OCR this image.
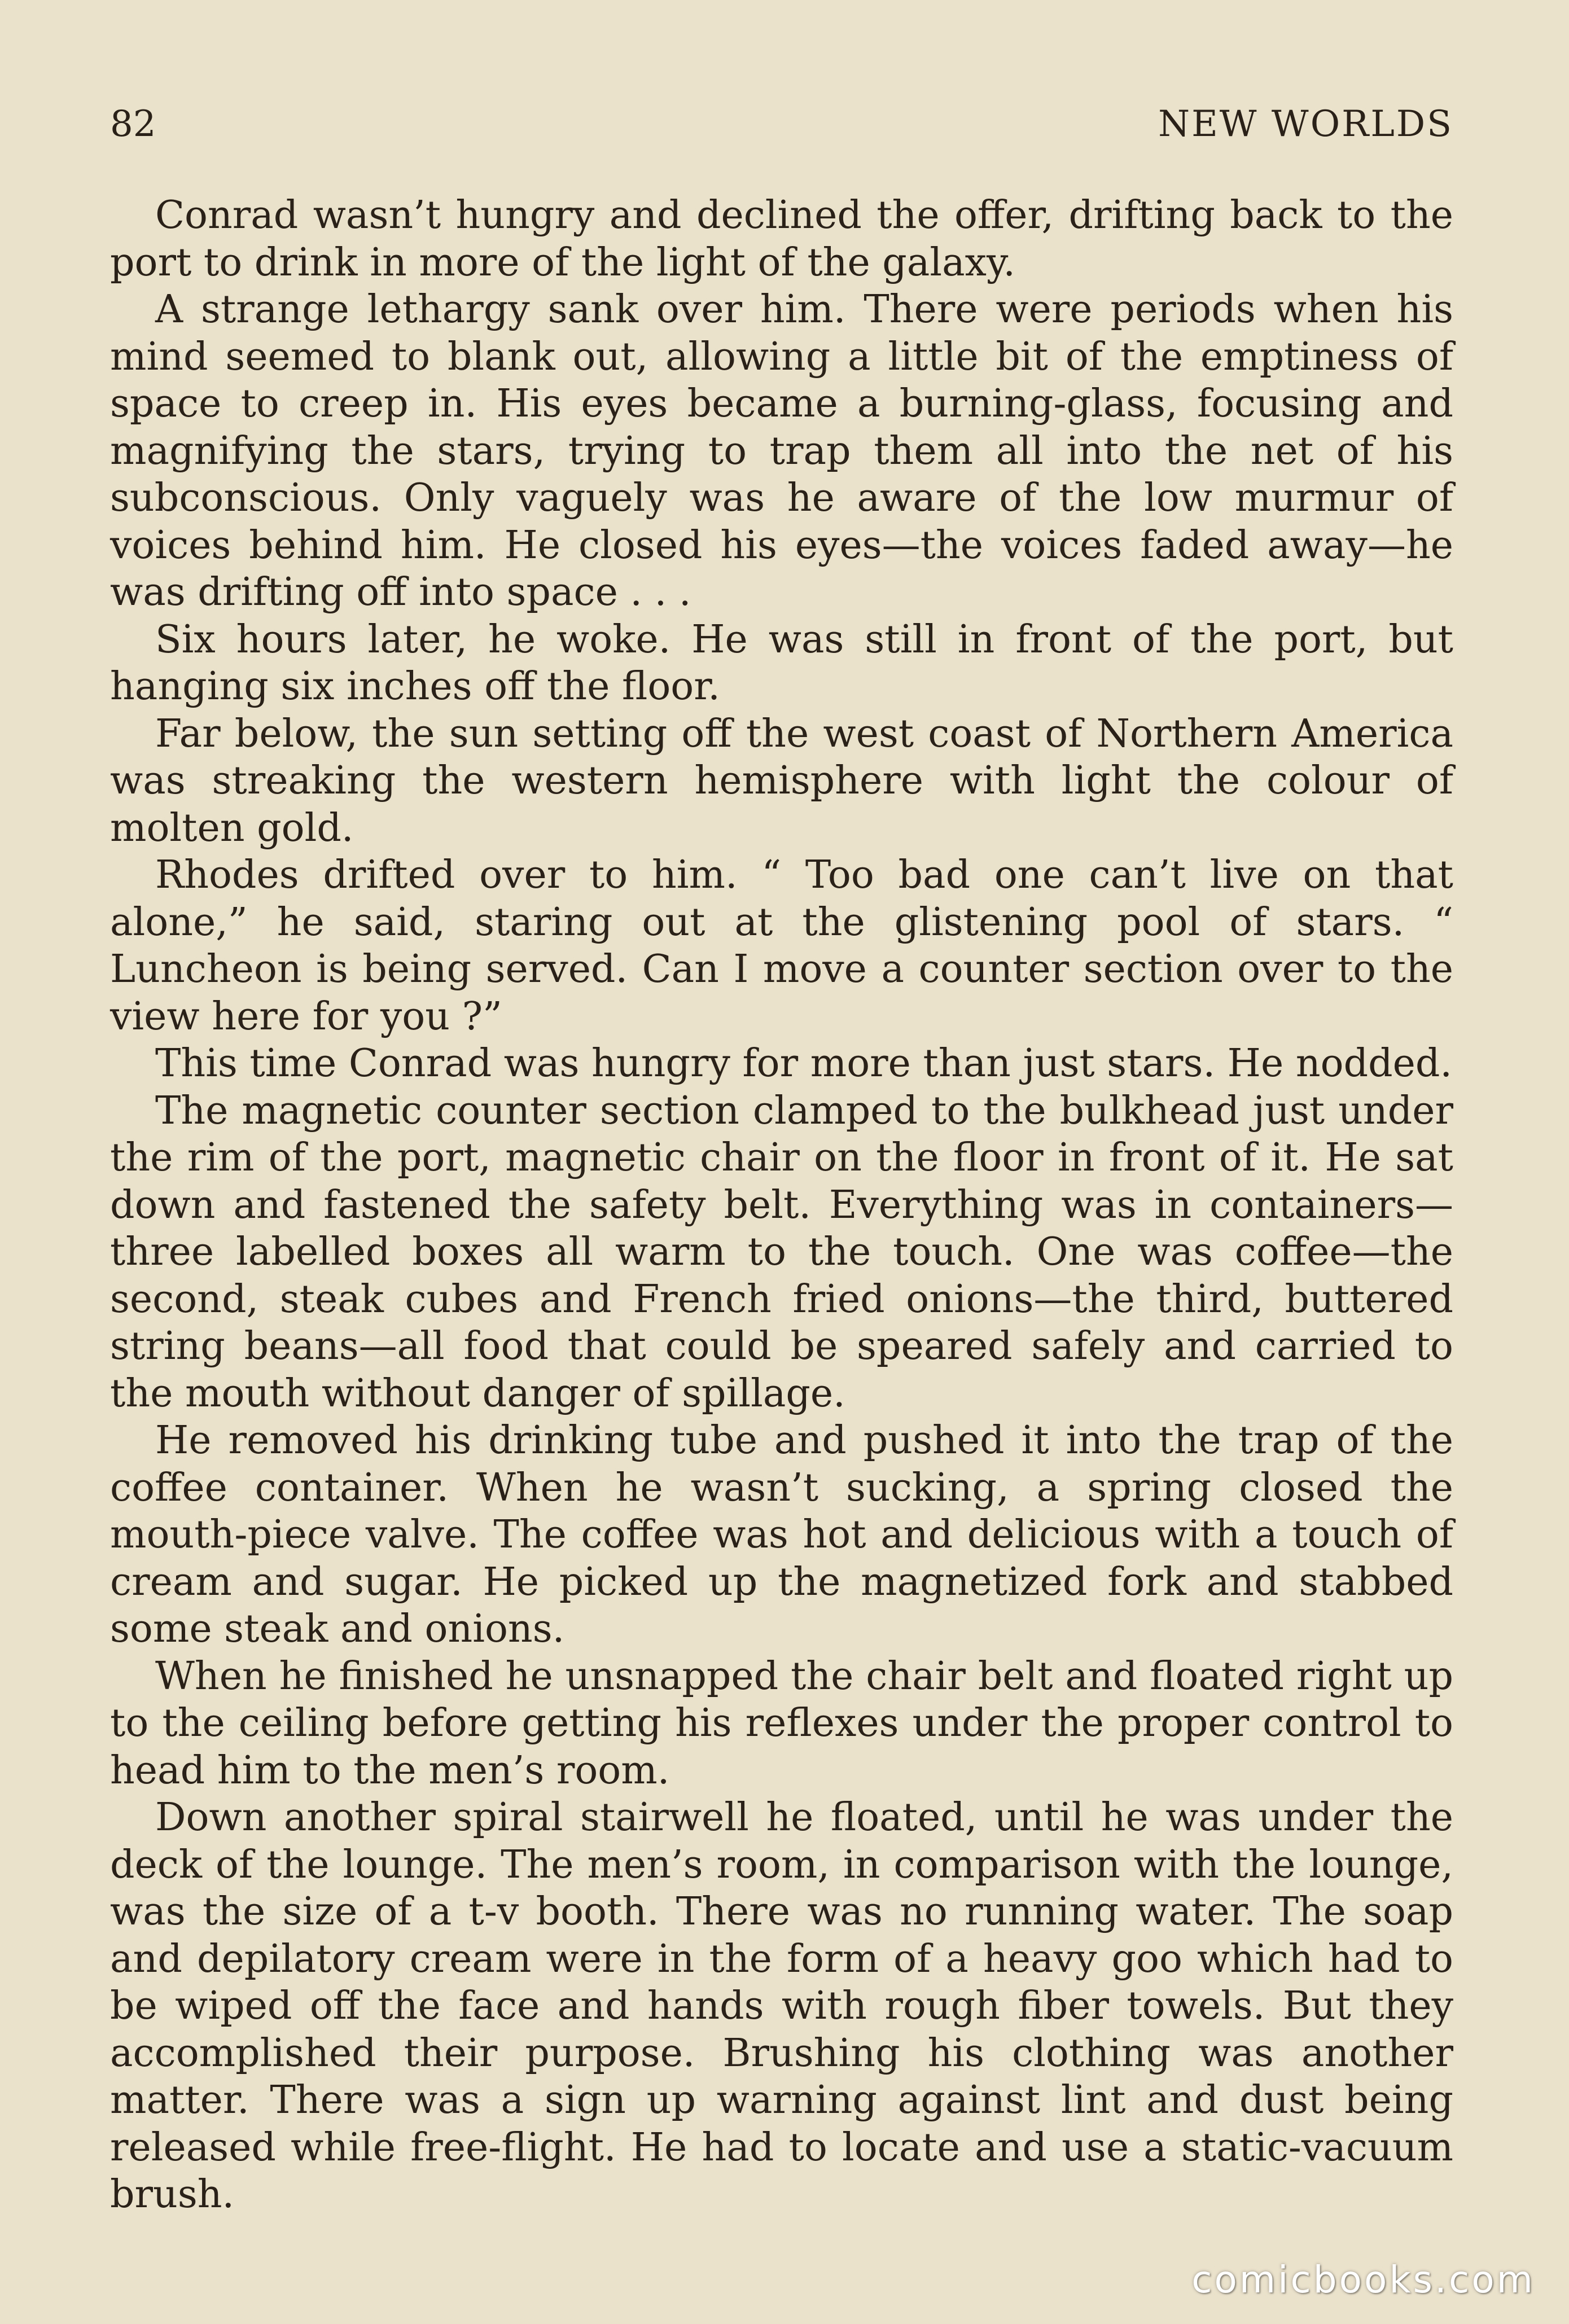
82	NEW WORLDS

Conrad wasn’t hungry and declined the offer, drifting back to the port to drink in more of the light of the galaxy.

A strange lethargy sank over him. There were periods when his mind seemed to blank out, allowing a little bit of the emptiness of space to creep in. His eyes became a burning-glass, focusing and magnifying the stars, trying to trap them all into the net of his subconscious. Only vaguely was he aware of the low murmur of voices behind him. He closed his eyes—the voices faded away—he was drifting off into space . . .

Six hours later, he woke. He was still in front of the port, but hanging six inches off the floor.

Far below, the sun setting off the west coast of Northern America was streaking the western hemisphere with light the colour of molten gold.

Rhodes drifted over to him. “ Too bad one can’t live on that alone,” he said, staring out at the glistening pool of stars. “ Luncheon is being served. Can I move a counter section over to the view here for you ?”

This time Conrad was hungry for more than just stars. He nodded.

The magnetic counter section clamped to the bulkhead just under the rim of the port, magnetic chair on the floor in front of it. He sat down and fastened the safety belt. Everything was in containers—three labelled boxes all warm to the touch. One was coffee—the second, steak cubes and French fried onions—the third, buttered string beans—all food that could be speared safely and carried to the mouth without danger of spillage.

He removed his drinking tube and pushed it into the trap of the coffee container. When he wasn’t sucking, a spring closed the mouth-piece valve. The coffee was hot and delicious with a touch of cream and sugar. He picked up the magnetized fork and stabbed some steak and onions.

When he finished he unsnapped the chair belt and floated right up to the ceiling before getting his reflexes under the proper control to head him to the men’s room.

Down another spiral stairwell he floated, until he was under the deck of the lounge. The men’s room, in comparison with the lounge, was the size of a t-v booth. There was no running water. The soap and depilatory cream were in the form of a heavy goo which had to be wiped off the face and hands with rough fiber towels. But they accomplished their purpose. Brushing his clothing was another matter. There was a sign up warning against lint and dust being released while free-flight. He had to locate and use a static-vacuum brush.

comicbooks.com
